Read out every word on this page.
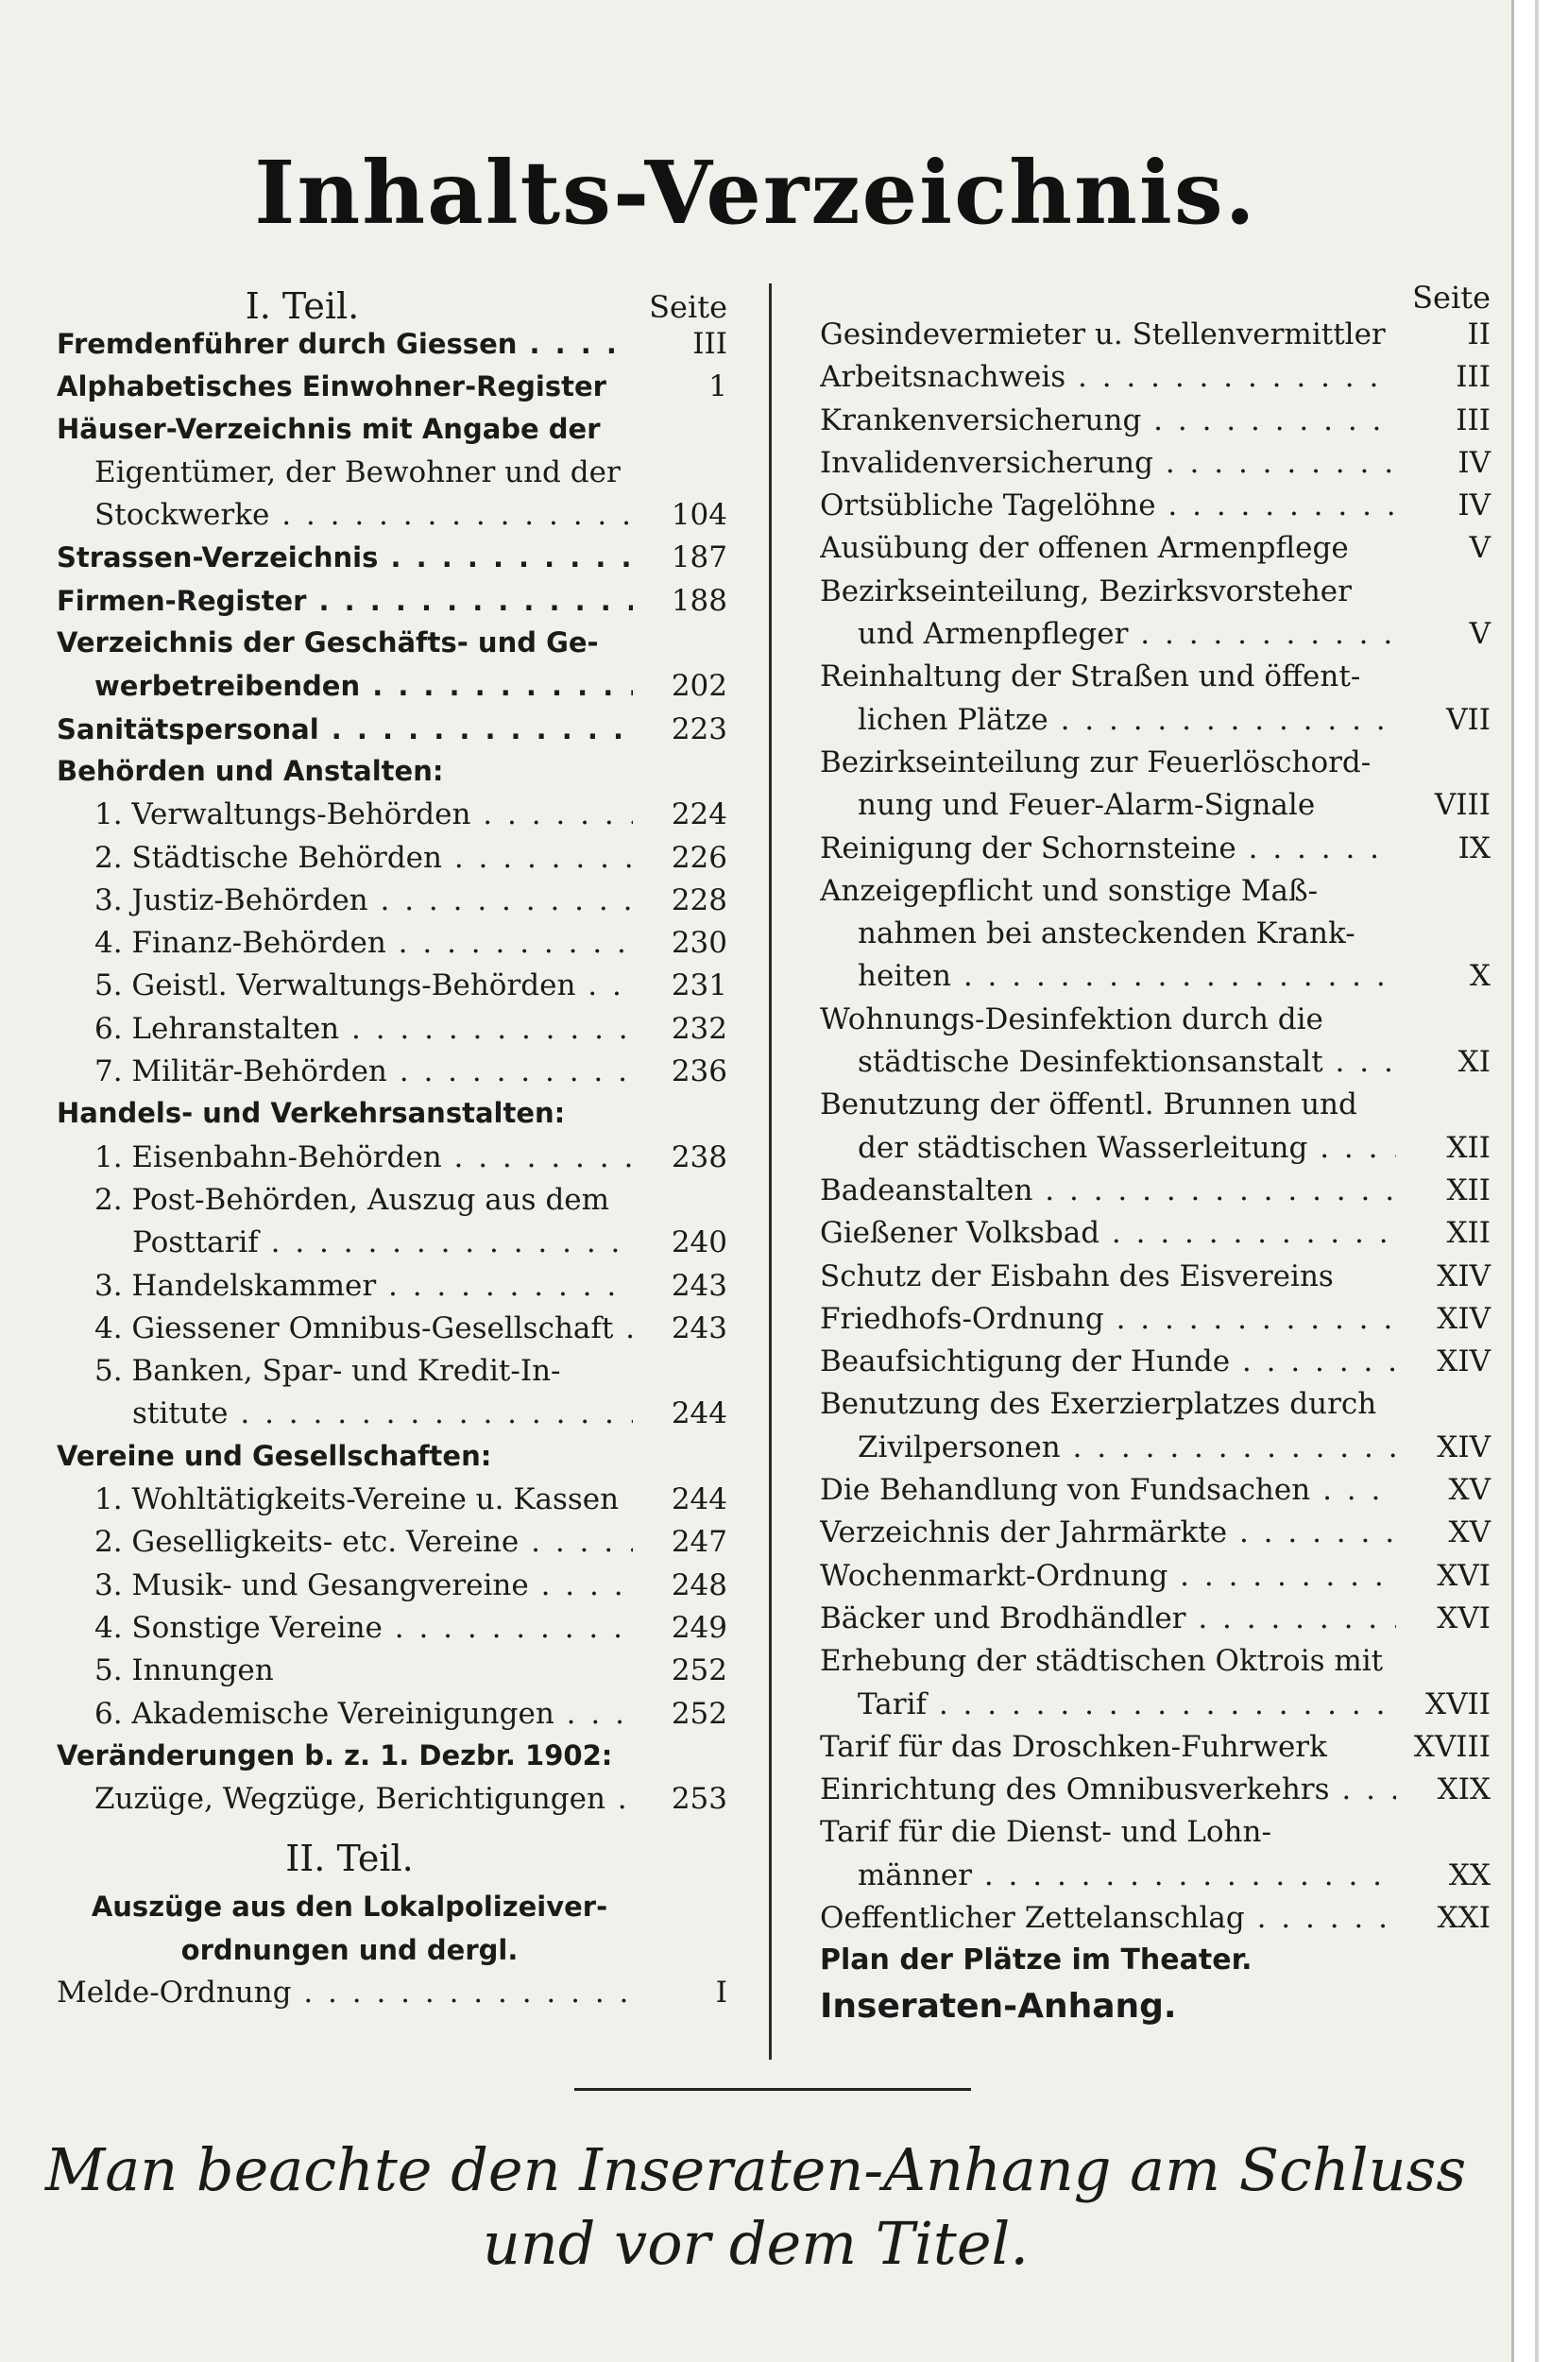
Inhalts-Verzeichnis.
I. Teil.	Seite
Fremdenführer durch Giessen . . .	III
Alphabetisches Einwohner-Register	1
Häuser-Verzeichnis mit Angabe der
Eigentümer, der Bewohner und der
Stockwerke . . .	104
Strassen-Verzeichnis . . .	187
Firmen-Register . . .	188
Verzeichnis der Geschäfts- und Ge-
werbetreibenden . . .	202
Sanitätspersonal . . .	223
Behörden und Anstalten:
1. Verwaltungs-Behörden . . .	224
2. Städtische Behörden . . .	226
3. Justiz-Behörden . . .	228
4. Finanz-Behörden . . .	230
5. Geistl. Verwaltungs-Behörden . . .	231
6. Lehranstalten . . .	232
7. Militär-Behörden . . .	236
Handels- und Verkehrsanstalten:
1. Eisenbahn-Behörden . . .	238
2. Post-Behörden, Auszug aus dem
Posttarif . . .	240
3. Handelskammer . . .	243
4. Giessener Omnibus-Gesellschaft . . .	243
5. Banken, Spar- und Kredit-In-
stitute . . .	244
Vereine und Gesellschaften:
1. Wohltätigkeits-Vereine u. Kassen	244
2. Geselligkeits- etc. Vereine . . .	247
3. Musik- und Gesangvereine . . .	248
4. Sonstige Vereine . . .	249
5. Innungen	252
6. Akademische Vereinigungen . . .	252
Veränderungen b. z. 1. Dezbr. 1902:
Zuzüge, Wegzüge, Berichtigungen . . .	253
II. Teil.
Auszüge aus den Lokalpolizeiver-
ordnungen und dergl.
Melde-Ordnung . . .	I
Seite
Gesindevermieter u. Stellenvermittler	II
Arbeitsnachweis . . .	III
Krankenversicherung . . .	III
Invalidenversicherung . . .	IV
Ortsübliche Tagelöhne . . .	IV
Ausübung der offenen Armenpflege	V
Bezirkseinteilung, Bezirksvorsteher
und Armenpfleger . . .	V
Reinhaltung der Straßen und öffent-
lichen Plätze . . .	VII
Bezirkseinteilung zur Feuerlöschord-
nung und Feuer-Alarm-Signale	VIII
Reinigung der Schornsteine . . .	IX
Anzeigepflicht und sonstige Maß-
nahmen bei ansteckenden Krank-
heiten . . .	X
Wohnungs-Desinfektion durch die
städtische Desinfektionsanstalt . . .	XI
Benutzung der öffentl. Brunnen und
der städtischen Wasserleitung . . .	XII
Badeanstalten . . .	XII
Gießener Volksbad . . .	XII
Schutz der Eisbahn des Eisvereins	XIV
Friedhofs-Ordnung . . .	XIV
Beaufsichtigung der Hunde . . .	XIV
Benutzung des Exerzierplatzes durch
Zivilpersonen . . .	XIV
Die Behandlung von Fundsachen . . .	XV
Verzeichnis der Jahrmärkte . . .	XV
Wochenmarkt-Ordnung . . .	XVI
Bäcker und Brodhändler . . .	XVI
Erhebung der städtischen Oktrois mit
Tarif . . .	XVII
Tarif für das Droschken-Fuhrwerk	XVIII
Einrichtung des Omnibusverkehrs . . .	XIX
Tarif für die Dienst- und Lohn-
männer . . .	XX
Oeffentlicher Zettelanschlag . . .	XXI
Plan der Plätze im Theater.
Inseraten-Anhang.
Man beachte den Inseraten-Anhang am Schluss
und vor dem Titel.
